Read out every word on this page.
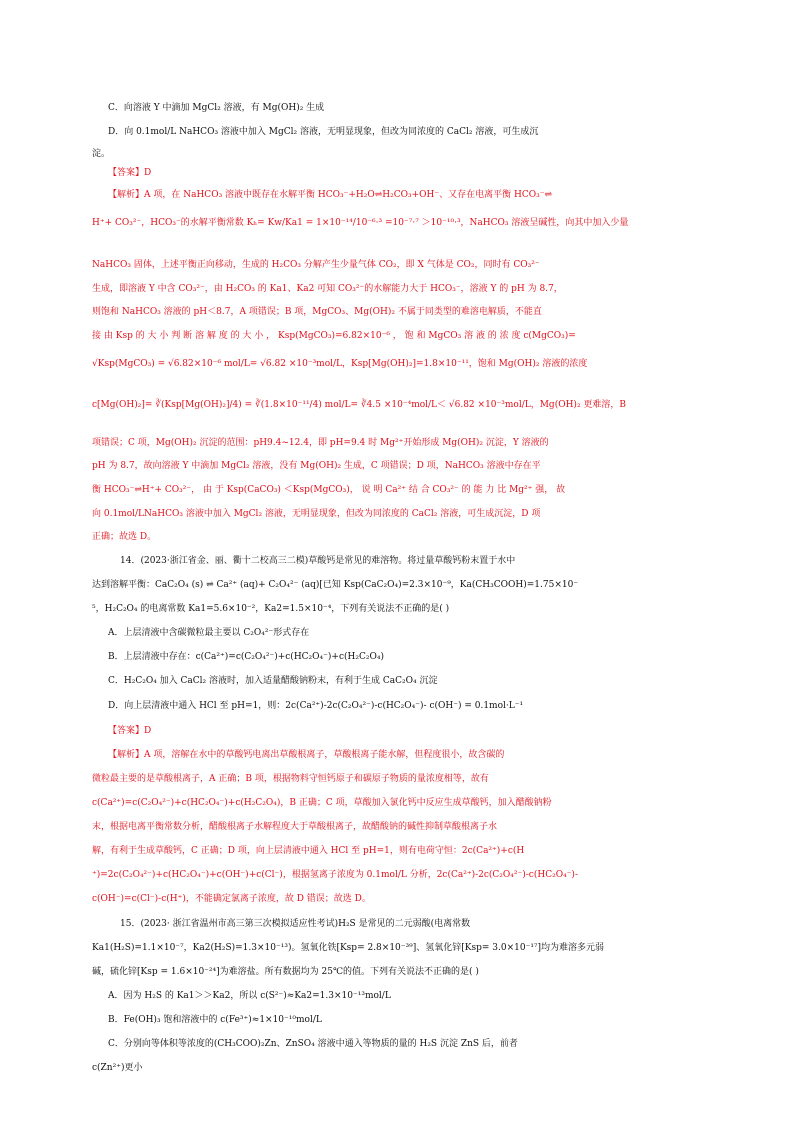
C．向溶液 Y 中滴加 MgCl₂ 溶液，有 Mg(OH)₂ 生成
D．向 0.1mol/L NaHCO₃ 溶液中加入 MgCl₂ 溶液，无明显现象，但改为同浓度的 CaCl₂ 溶液，可生成沉
淀。
【答案】D
【解析】A 项，在 NaHCO₃ 溶液中既存在水解平衡 HCO₃⁻+H₂O⇌H₂CO₃+OH⁻、又存在电离平衡 HCO₃⁻⇌
H⁺+ CO₃²⁻，HCO₃⁻的水解平衡常数 Kₕ= Kw/Ka1 = 1×10⁻¹⁴/10⁻⁶·³ =10⁻⁷·⁷ ＞10⁻¹⁰·³，NaHCO₃ 溶液呈碱性，向其中加入少量
NaHCO₃ 固体，上述平衡正向移动，生成的 H₂CO₃ 分解产生少量气体 CO₂，即 X 气体是 CO₂，同时有 CO₃²⁻
生成，即溶液 Y 中含 CO₃²⁻，由 H₂CO₃ 的 Ka1、Ka2 可知 CO₃²⁻的水解能力大于 HCO₃⁻，溶液 Y 的 pH 为 8.7，
则饱和 NaHCO₃ 溶液的 pH＜8.7，A 项错误；B 项，MgCO₃、Mg(OH)₂ 不属于同类型的难溶电解质，不能直
接 由 Ksp 的 大 小 判 断 溶 解 度 的 大 小 ， Ksp(MgCO₃)=6.82×10⁻⁶ ， 饱 和 MgCO₃ 溶 液 的 浓 度 c(MgCO₃)=
√Ksp(MgCO₃) = √6.82×10⁻⁶ mol/L= √6.82 ×10⁻³mol/L，Ksp[Mg(OH)₂]=1.8×10⁻¹¹，饱和 Mg(OH)₂ 溶液的浓度
c[Mg(OH)₂]= ∛(Ksp[Mg(OH)₂]/4) = ∛(1.8×10⁻¹¹/4) mol/L= ∛4.5 ×10⁻⁴mol/L＜ √6.82 ×10⁻³mol/L，Mg(OH)₂ 更难溶，B
项错误；C 项，Mg(OH)₂ 沉淀的范围：pH9.4~12.4，即 pH=9.4 时 Mg²⁺开始形成 Mg(OH)₂ 沉淀，Y 溶液的
pH 为 8.7，故向溶液 Y 中滴加 MgCl₂ 溶液，没有 Mg(OH)₂ 生成，C 项错误；D 项，NaHCO₃ 溶液中存在平
衡 HCO₃⁻⇌H⁺+ CO₃²⁻， 由 于 Ksp(CaCO₃) ＜Ksp(MgCO₃)， 说 明 Ca²⁺ 结 合 CO₃²⁻ 的 能 力 比 Mg²⁺ 强， 故
向 0.1mol/LNaHCO₃ 溶液中加入 MgCl₂ 溶液，无明显现象，但改为同浓度的 CaCl₂ 溶液，可生成沉淀，D 项
正确；故选 D。
14．(2023·浙江省金、丽、衢十二校高三二模)草酸钙是常见的难溶物。将过量草酸钙粉末置于水中
达到溶解平衡：CaC₂O₄ (s) ⇌ Ca²⁺ (aq)+ C₂O₄²⁻ (aq)[已知 Ksp(CaC₂O₄)=2.3×10⁻⁹，Ka(CH₃COOH)=1.75×10⁻
⁵，H₂C₂O₄ 的电离常数 Ka1=5.6×10⁻²，Ka2=1.5×10⁻⁴，下列有关说法不正确的是( )
A．上层清液中含碳微粒最主要以 C₂O₄²⁻形式存在
B．上层清液中存在：c(Ca²⁺)=c(C₂O₄²⁻)+c(HC₂O₄⁻)+c(H₂C₂O₄)
C．H₂C₂O₄ 加入 CaCl₂ 溶液时，加入适量醋酸钠粉末，有利于生成 CaC₂O₄ 沉淀
D．向上层清液中通入 HCl 至 pH=1，则：2c(Ca²⁺)-2c(C₂O₄²⁻)-c(HC₂O₄⁻)- c(OH⁻) = 0.1mol·L⁻¹
【答案】D
【解析】A 项，溶解在水中的草酸钙电离出草酸根离子，草酸根离子能水解，但程度很小，故含碳的
微粒最主要的是草酸根离子，A 正确；B 项，根据物料守恒钙原子和碳原子物质的量浓度相等，故有
c(Ca²⁺)=c(C₂O₄²⁻)+c(HC₂O₄⁻)+c(H₂C₂O₄)，B 正确；C 项，草酸加入氯化钙中反应生成草酸钙，加入醋酸钠粉
末，根据电离平衡常数分析，醋酸根离子水解程度大于草酸根离子，故醋酸钠的碱性抑制草酸根离子水
解，有利于生成草酸钙，C 正确；D 项，向上层清液中通入 HCl 至 pH=1，则有电荷守恒：2c(Ca²⁺)+c(H
⁺)=2c(C₂O₄²⁻)+c(HC₂O₄⁻)+c(OH⁻)+c(Cl⁻)，根据氢离子浓度为 0.1mol/L 分析，2c(Ca²⁺)-2c(C₂O₄²⁻)-c(HC₂O₄⁻)-
c(OH⁻)=c(Cl⁻)-c(H⁺)，不能确定氯离子浓度，故 D 错误；故选 D。
15．(2023· 浙江省温州市高三第三次模拟适应性考试)H₂S 是常见的二元弱酸(电离常数
Ka1(H₂S)=1.1×10⁻⁷，Ka2(H₂S)=1.3×10⁻¹³)。氢氧化铁[Ksp= 2.8×10⁻³⁹]、氢氧化锌[Ksp= 3.0×10⁻¹⁷]均为难溶多元弱
碱，硫化锌[Ksp = 1.6×10⁻²⁴]为难溶盐。所有数据均为 25℃的值。下列有关说法不正确的是( )
A．因为 H₂S 的 Ka1＞＞Ka2，所以 c(S²⁻)≈Ka2=1.3×10⁻¹³mol/L
B．Fe(OH)₃ 饱和溶液中的 c(Fe³⁺)≈1×10⁻¹⁰mol/L
C．分别向等体积等浓度的(CH₃COO)₂Zn、ZnSO₄ 溶液中通入等物质的量的 H₂S 沉淀 ZnS 后，前者
c(Zn²⁺)更小
